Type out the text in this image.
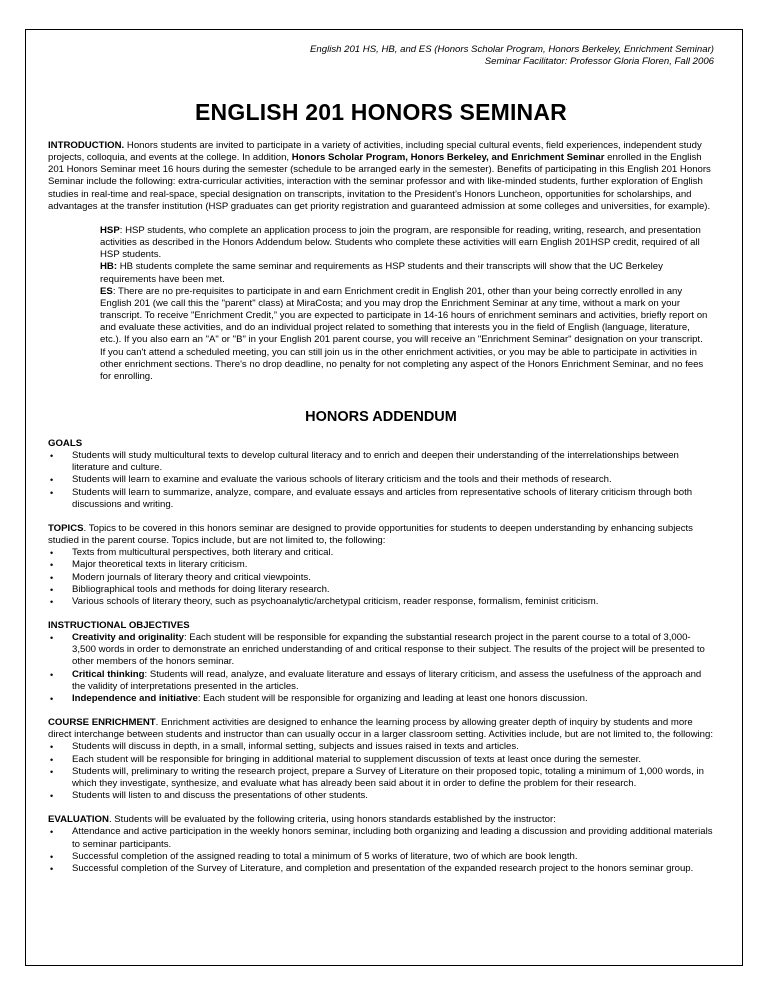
English 201 HS, HB, and ES (Honors Scholar Program, Honors Berkeley, Enrichment Seminar)
Seminar Facilitator: Professor Gloria Floren, Fall 2006
ENGLISH 201 HONORS SEMINAR

INTRODUCTION. Honors students are invited to participate in a variety of activities, including special cultural events, field experiences, independent study projects, colloquia, and events at the college. In addition, Honors Scholar Program, Honors Berkeley, and Enrichment Seminar enrolled in the English 201 Honors Seminar meet 16 hours during the semester (schedule to be arranged early in the semester). Benefits of participating in this English 201 Honors Seminar include the following: extra-curricular activities, interaction with the seminar professor and with like-minded students, further exploration of English studies in real-time and real-space, special designation on transcripts, invitation to the President’s Honors Luncheon, opportunities for scholarships, and advantages at the transfer institution (HSP graduates can get priority registration and guaranteed admission at some colleges and universities, for example).

HSP: HSP students, who complete an application process to join the program, are responsible for reading, writing, research, and presentation activities as described in the Honors Addendum below. Students who complete these activities will earn English 201HSP credit, required of all HSP students.

HB: HB students complete the same seminar and requirements as HSP students and their transcripts will show that the UC Berkeley requirements have been met.

ES: There are no pre-requisites to participate in and earn Enrichment credit in English 201, other than your being correctly enrolled in any English 201 (we call this the "parent" class) at MiraCosta; and you may drop the Enrichment Seminar at any time, without a mark on your transcript. To receive "Enrichment Credit,” you are expected to participate in 14-16 hours of enrichment seminars and activities, briefly report on and evaluate these activities, and do an individual project related to something that interests you in the field of English (language, literature, etc.). If you also earn an "A" or "B" in your English 201 parent course, you will receive an "Enrichment Seminar" designation on your transcript. If you can't attend a scheduled meeting, you can still join us in the other enrichment activities, or you may be able to participate in activities in other enrichment sections. There's no drop deadline, no penalty for not completing any aspect of the Honors Enrichment Seminar, and no fees for enrolling.

HONORS ADDENDUM
GOALS
• Students will study multicultural texts to develop cultural literacy and to enrich and deepen their understanding of the interrelationships between literature and culture.
• Students will learn to examine and evaluate the various schools of literary criticism and the tools and their methods of research.
• Students will learn to summarize, analyze, compare, and evaluate essays and articles from representative schools of literary criticism through both discussions and writing.

TOPICS. Topics to be covered in this honors seminar are designed to provide opportunities for students to deepen understanding by enhancing subjects studied in the parent course. Topics include, but are not limited to, the following:

• Texts from multicultural perspectives, both literary and critical.
• Major theoretical texts in literary criticism.
• Modern journals of literary theory and critical viewpoints.
• Bibliographical tools and methods for doing literary research.
• Various schools of literary theory, such as psychoanalytic/archetypal criticism, reader response, formalism, feminist criticism.
INSTRUCTIONAL OBJECTIVES
• Creativity and originality: Each student will be responsible for expanding the substantial research project in the parent course to a total of 3,000-3,500 words in order to demonstrate an enriched understanding of and critical response to their subject. The results of the project will be presented to other members of the honors seminar.
• Critical thinking: Students will read, analyze, and evaluate literature and essays of literary criticism, and assess the usefulness of the approach and the validity of interpretations presented in the articles.
• Independence and initiative: Each student will be responsible for organizing and leading at least one honors discussion.

COURSE ENRICHMENT. Enrichment activities are designed to enhance the learning process by allowing greater depth of inquiry by students and more direct interchange between students and instructor than can usually occur in a larger classroom setting. Activities include, but are not limited to, the following:

• Students will discuss in depth, in a small, informal setting, subjects and issues raised in texts and articles.
• Each student will be responsible for bringing in additional material to supplement discussion of texts at least once during the semester.
• Students will, preliminary to writing the research project, prepare a Survey of Literature on their proposed topic, totaling a minimum of 1,000 words, in which they investigate, synthesize, and evaluate what has already been said about it in order to define the problem for their research.
• Students will listen to and discuss the presentations of other students.

EVALUATION. Students will be evaluated by the following criteria, using honors standards established by the instructor:

• Attendance and active participation in the weekly honors seminar, including both organizing and leading a discussion and providing additional materials to seminar participants.
• Successful completion of the assigned reading to total a minimum of 5 works of literature, two of which are book length.
• Successful completion of the Survey of Literature, and completion and presentation of the expanded research project to the honors seminar group.
